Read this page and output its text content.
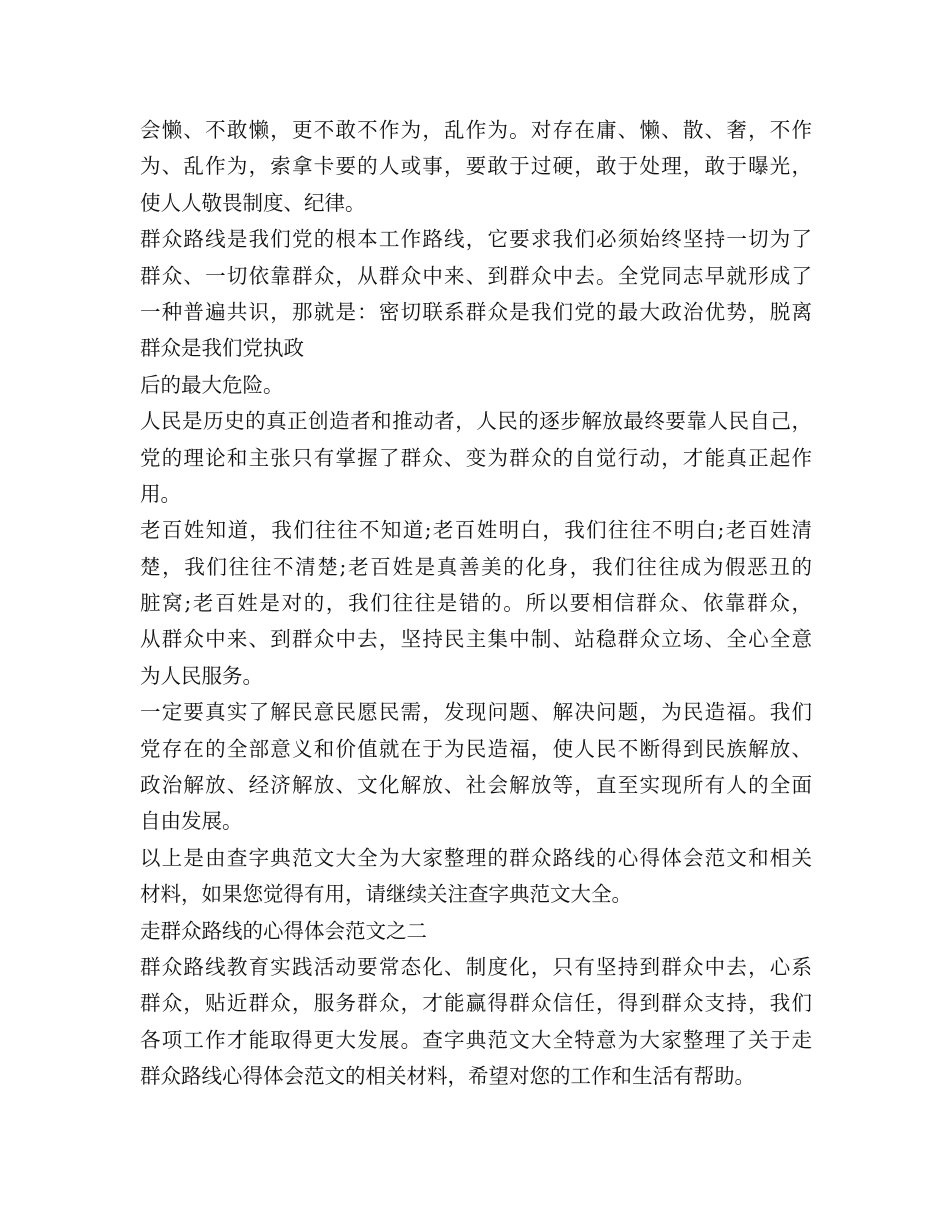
会懒、不敢懒，更不敢不作为，乱作为。对存在庸、懒、散、奢，不作
为、乱作为，索拿卡要的人或事，要敢于过硬，敢于处理，敢于曝光，
使人人敬畏制度、纪律。
群众路线是我们党的根本工作路线，它要求我们必须始终坚持一切为了
群众、一切依靠群众，从群众中来、到群众中去。全党同志早就形成了
一种普遍共识，那就是：密切联系群众是我们党的最大政治优势，脱离
群众是我们党执政
后的最大危险。
人民是历史的真正创造者和推动者，人民的逐步解放最终要靠人民自己，
党的理论和主张只有掌握了群众、变为群众的自觉行动，才能真正起作
用。
老百姓知道，我们往往不知道;老百姓明白，我们往往不明白;老百姓清
楚，我们往往不清楚;老百姓是真善美的化身，我们往往成为假恶丑的
脏窝;老百姓是对的，我们往往是错的。所以要相信群众、依靠群众，
从群众中来、到群众中去，坚持民主集中制、站稳群众立场、全心全意
为人民服务。
一定要真实了解民意民愿民需，发现问题、解决问题，为民造福。我们
党存在的全部意义和价值就在于为民造福，使人民不断得到民族解放、
政治解放、经济解放、文化解放、社会解放等，直至实现所有人的全面
自由发展。
以上是由查字典范文大全为大家整理的群众路线的心得体会范文和相关
材料，如果您觉得有用，请继续关注查字典范文大全。
走群众路线的心得体会范文之二
群众路线教育实践活动要常态化、制度化，只有坚持到群众中去，心系
群众，贴近群众，服务群众，才能赢得群众信任，得到群众支持，我们
各项工作才能取得更大发展。查字典范文大全特意为大家整理了关于走
群众路线心得体会范文的相关材料，希望对您的工作和生活有帮助。
